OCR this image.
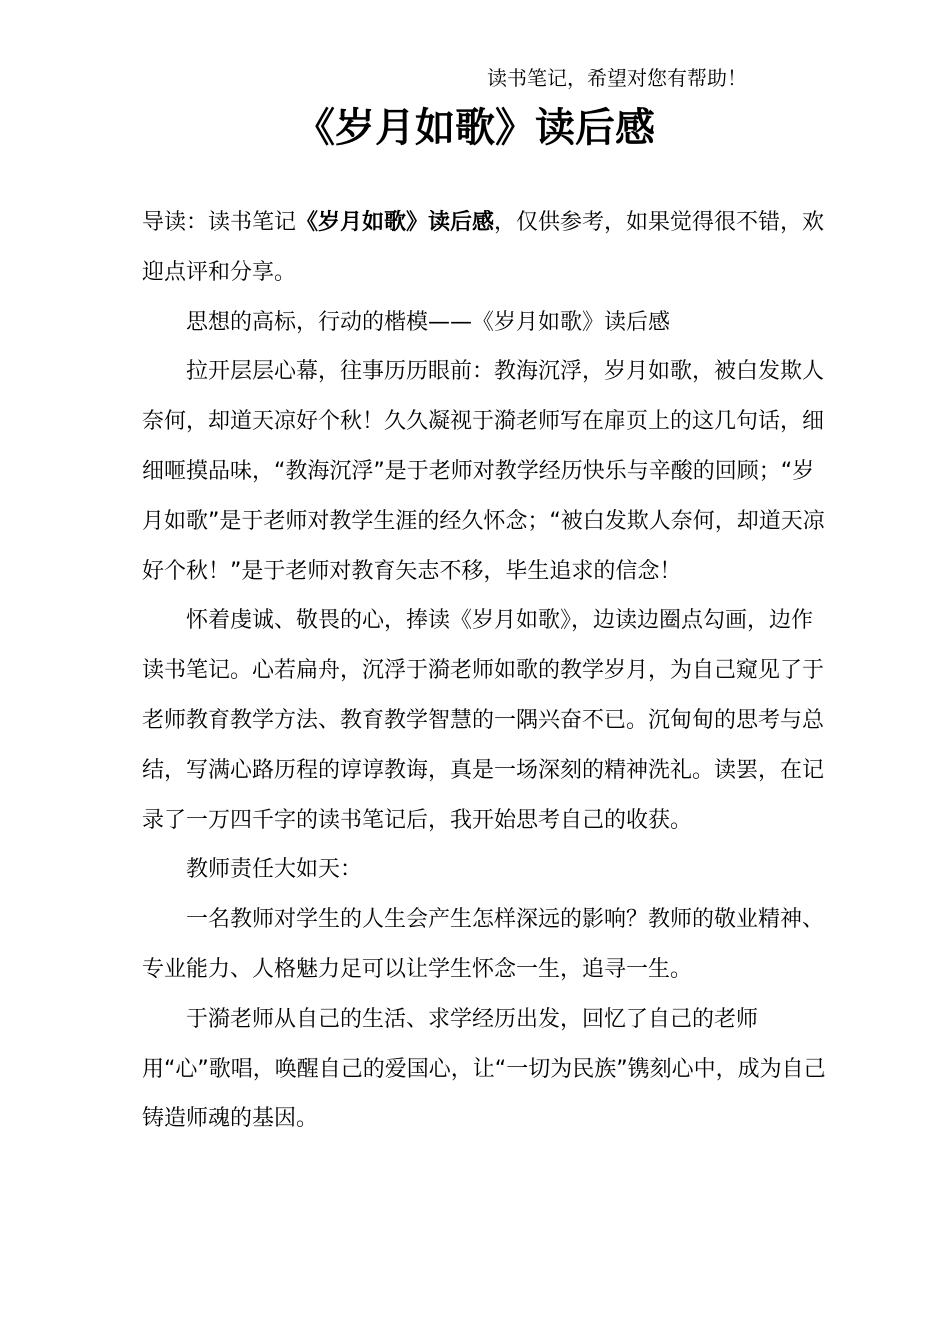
读书笔记，希望对您有帮助！
《岁月如歌》读后感

导读：读书笔记《岁月如歌》读后感，仅供参考，如果觉得很不错，欢迎点评和分享。

思想的高标，行动的楷模——《岁月如歌》读后感

拉开层层心幕，往事历历眼前：教海沉浮，岁月如歌，被白发欺人奈何，却道天凉好个秋！久久凝视于漪老师写在扉页上的这几句话，细细咂摸品味，“教海沉浮”是于老师对教学经历快乐与辛酸的回顾；“岁月如歌”是于老师对教学生涯的经久怀念；“被白发欺人奈何，却道天凉好个秋！”是于老师对教育矢志不移，毕生追求的信念！

怀着虔诚、敬畏的心，捧读《岁月如歌》，边读边圈点勾画，边作读书笔记。心若扁舟，沉浮于漪老师如歌的教学岁月，为自己窥见了于老师教育教学方法、教育教学智慧的一隅兴奋不已。沉甸甸的思考与总结，写满心路历程的谆谆教诲，真是一场深刻的精神洗礼。读罢，在记录了一万四千字的读书笔记后，我开始思考自己的收获。

教师责任大如天：

一名教师对学生的人生会产生怎样深远的影响？教师的敬业精神、专业能力、人格魅力足可以让学生怀念一生，追寻一生。

于漪老师从自己的生活、求学经历出发，回忆了自己的老师用“心”歌唱，唤醒自己的爱国心，让“一切为民族”镌刻心中，成为自己铸造师魂的基因。
